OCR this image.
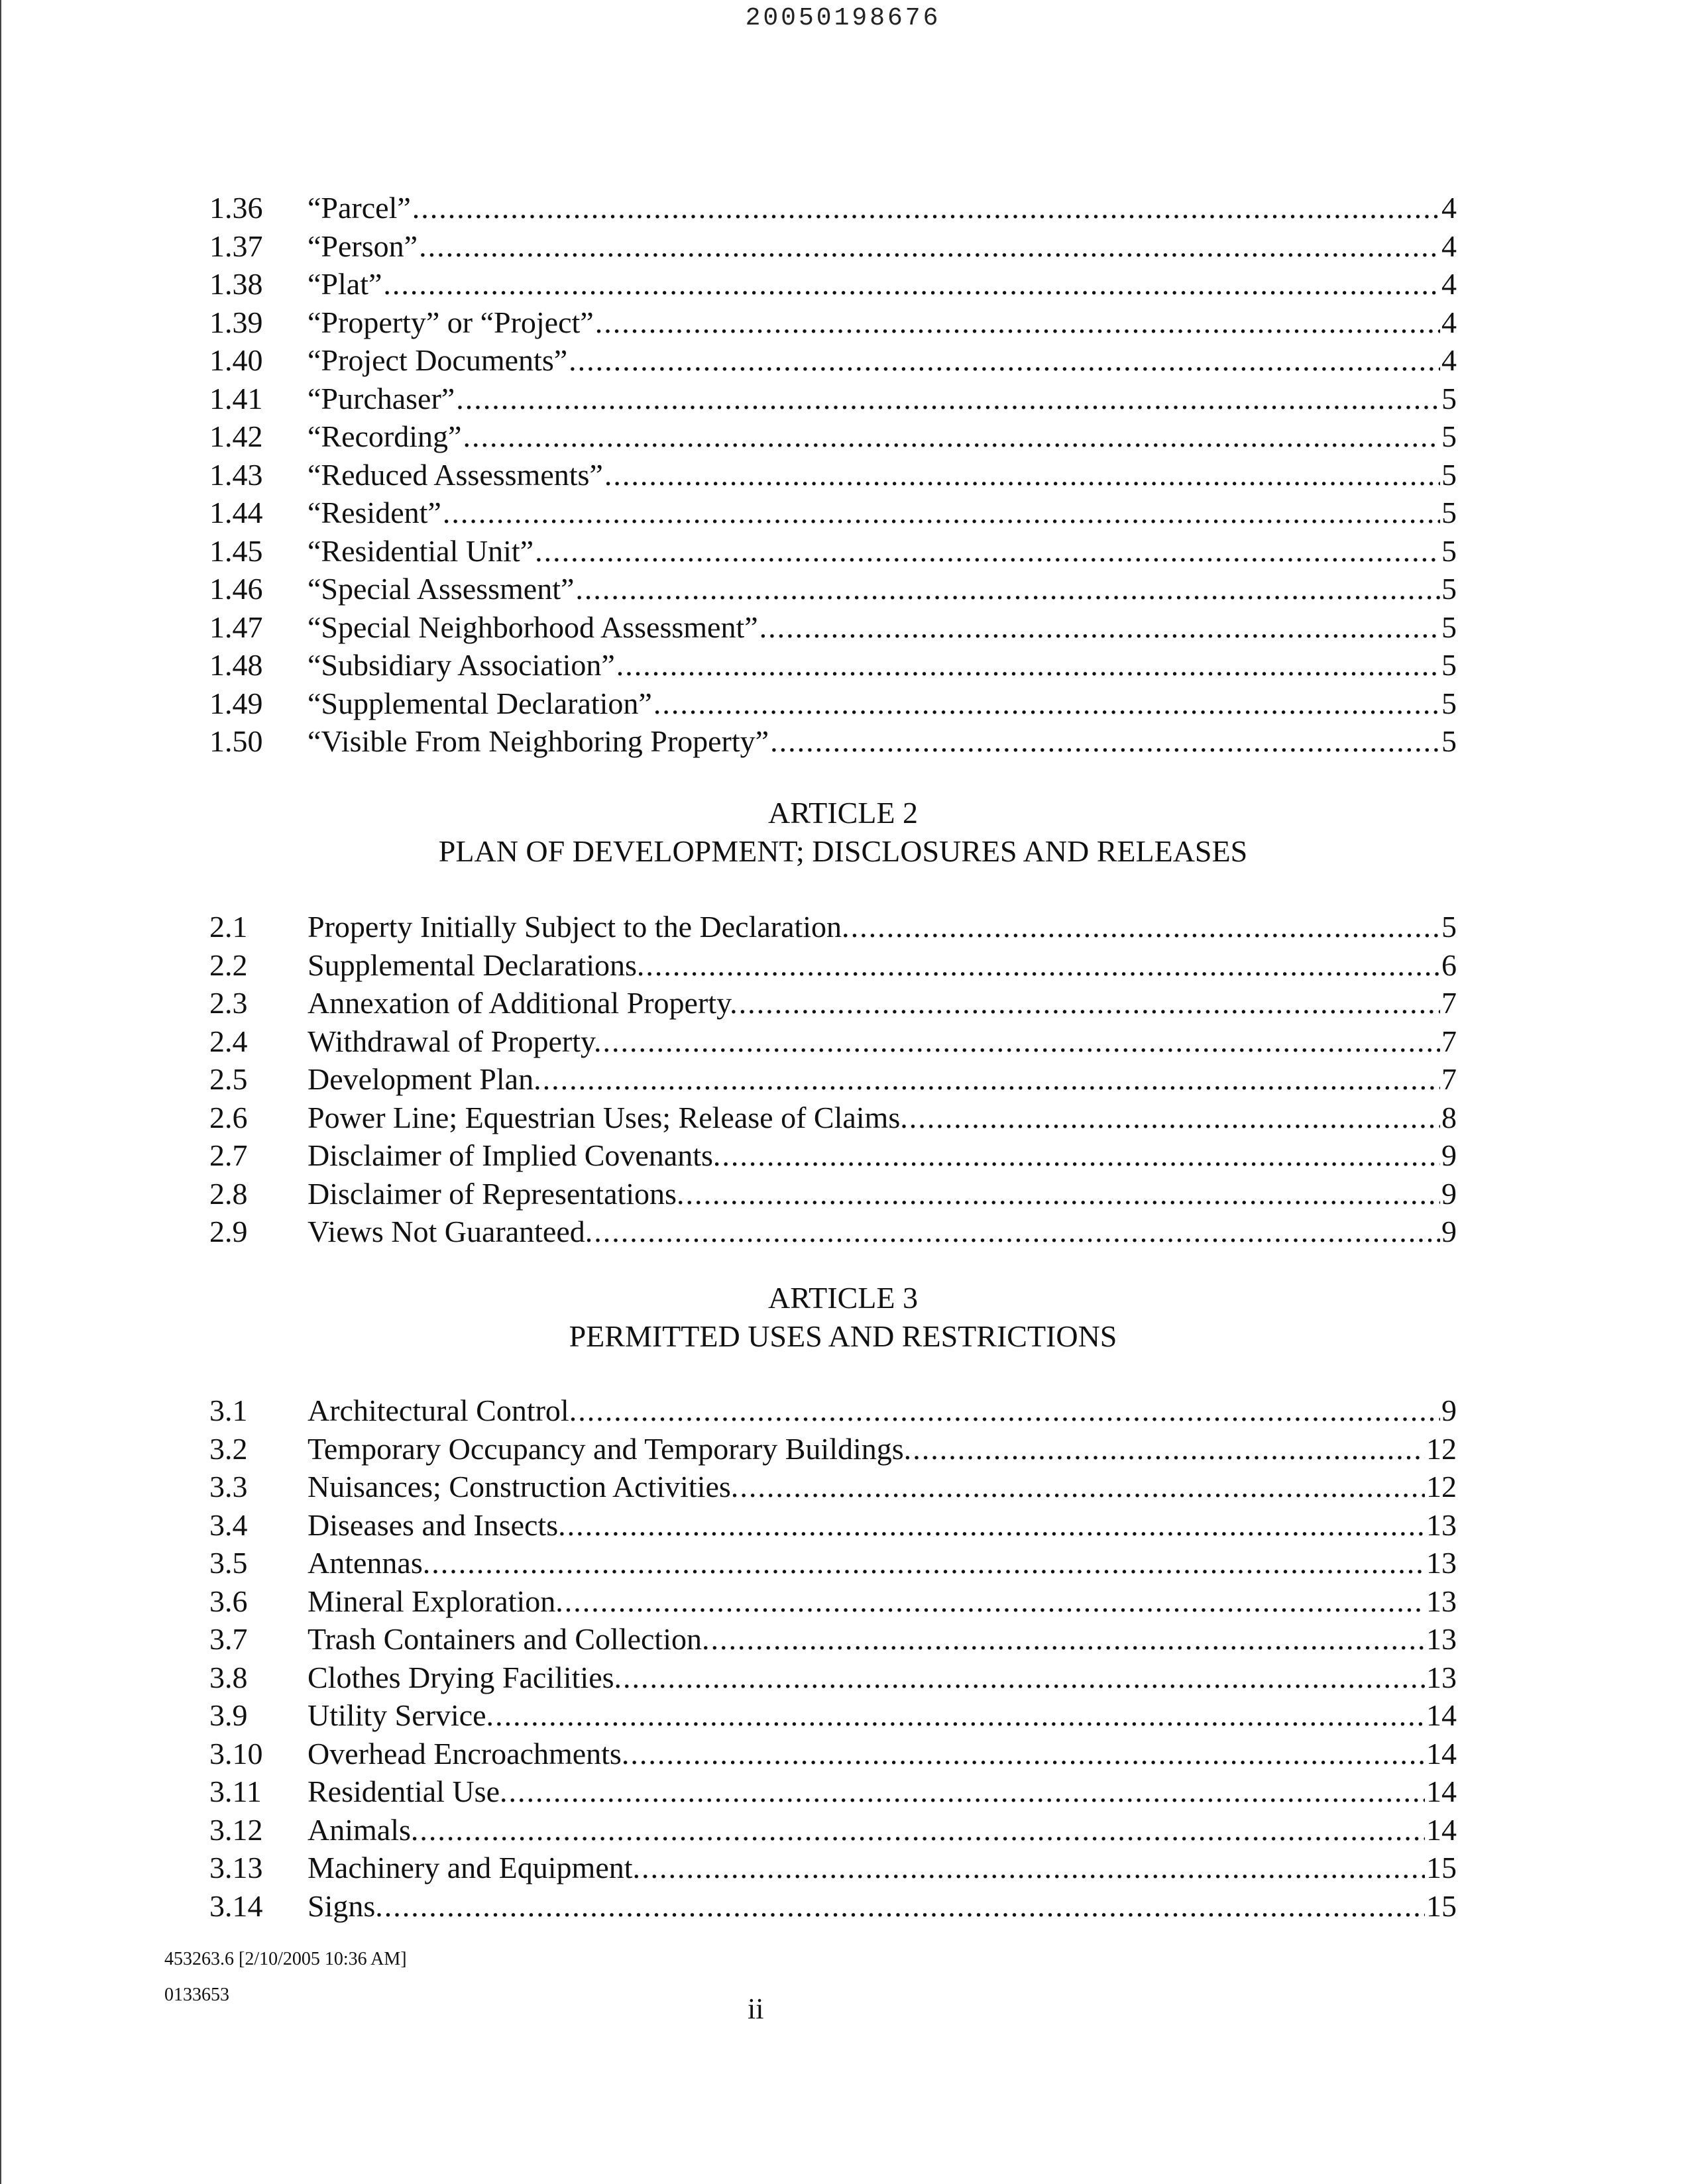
20050198676
1.36	“Parcel” .....	4
1.37	“Person” .....	4
1.38	“Plat” .....	4
1.39	“Property” or “Project” .....	4
1.40	“Project Documents” .....	4
1.41	“Purchaser” .....	5
1.42	“Recording” .....	5
1.43	“Reduced Assessments” .....	5
1.44	“Resident” .....	5
1.45	“Residential Unit” .....	5
1.46	“Special Assessment” .....	5
1.47	“Special Neighborhood Assessment” .....	5
1.48	“Subsidiary Association” .....	5
1.49	“Supplemental Declaration” .....	5
1.50	“Visible From Neighboring Property” .....	5
ARTICLE 2
PLAN OF DEVELOPMENT; DISCLOSURES AND RELEASES
2.1	Property Initially Subject to the Declaration. .....	5
2.2	Supplemental Declarations. .....	6
2.3	Annexation of Additional Property. .....	7
2.4	Withdrawal of Property. .....	7
2.5	Development Plan. .....	7
2.6	Power Line; Equestrian Uses; Release of Claims. .....	8
2.7	Disclaimer of Implied Covenants. .....	9
2.8	Disclaimer of Representations. .....	9
2.9	Views Not Guaranteed. .....	9
ARTICLE 3
PERMITTED USES AND RESTRICTIONS
3.1	Architectural Control. .....	9
3.2	Temporary Occupancy and Temporary Buildings. .....	12
3.3	Nuisances; Construction Activities. .....	12
3.4	Diseases and Insects. .....	13
3.5	Antennas. .....	13
3.6	Mineral Exploration. .....	13
3.7	Trash Containers and Collection. .....	13
3.8	Clothes Drying Facilities. .....	13
3.9	Utility Service. .....	14
3.10	Overhead Encroachments. .....	14
3.11	Residential Use. .....	14
3.12	Animals. .....	14
3.13	Machinery and Equipment. .....	15
3.14	Signs. .....	15
453263.6 [2/10/2005 10:36 AM]
0133653	ii
